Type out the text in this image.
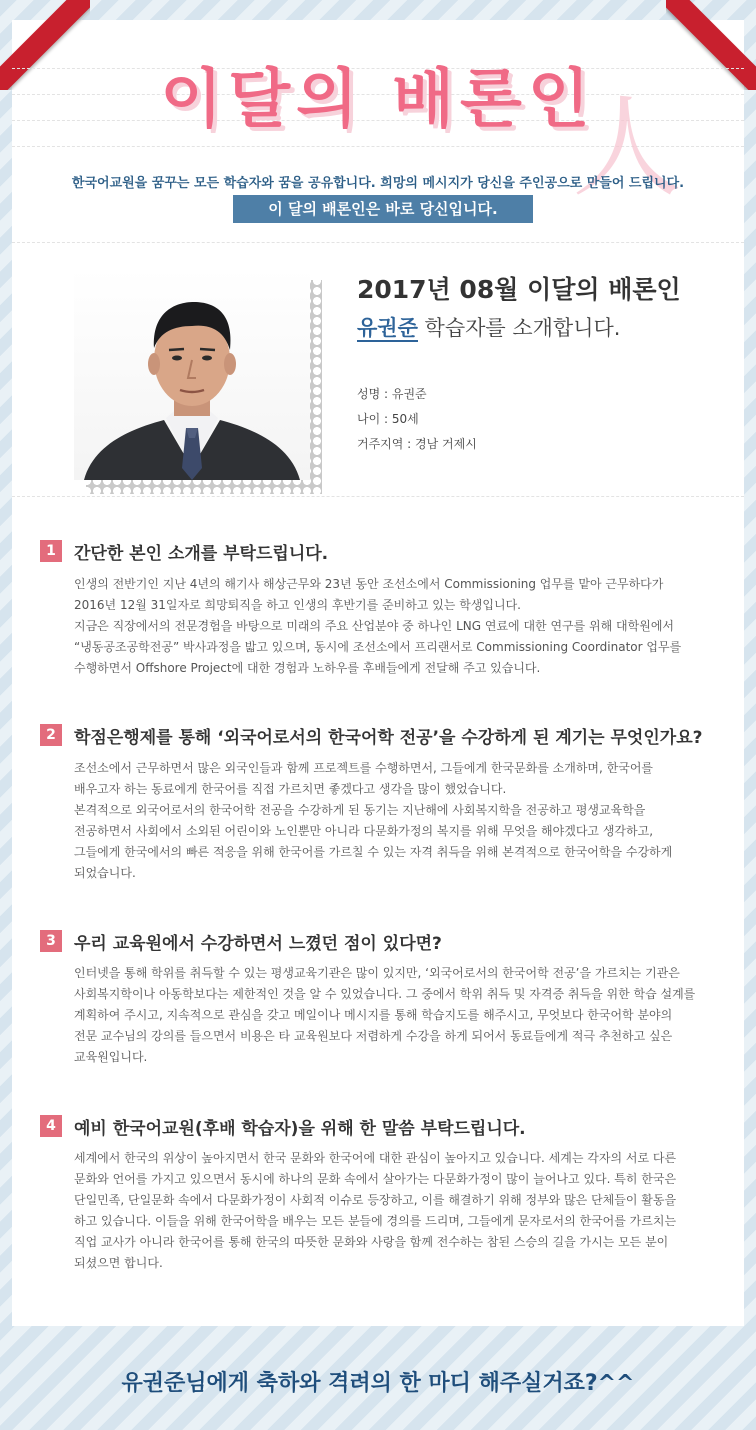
人
이달의 배론인
한국어교원을 꿈꾸는 모든 학습자와 꿈을 공유합니다. 희망의 메시지가 당신을 주인공으로 만들어 드립니다.
이 달의 배론인은 바로 당신입니다.
2017년 08월 이달의 배론인
유권준 학습자를 소개합니다.
성명 : 유권준
나이 : 50세
거주지역 : 경남 거제시
1	간단한 본인 소개를 부탁드립니다.

인생의 전반기인 지난 4년의 해기사 해상근무와 23년 동안 조선소에서 Commissioning 업무를 맡아 근무하다가

2016년 12월 31일자로 희망퇴직을 하고 인생의 후반기를 준비하고 있는 학생입니다.

지금은 직장에서의 전문경험을 바탕으로 미래의 주요 산업분야 중 하나인 LNG 연료에 대한 연구를 위해 대학원에서

“냉동공조공학전공” 박사과정을 밟고 있으며, 동시에 조선소에서 프리랜서로 Commissioning Coordinator 업무를

수행하면서 Offshore Project에 대한 경험과 노하우를 후배들에게 전달해 주고 있습니다.

2	학점은행제를 통해 ‘외국어로서의 한국어학 전공’을 수강하게 된 계기는 무엇인가요?

조선소에서 근무하면서 많은 외국인들과 함께 프로젝트를 수행하면서, 그들에게 한국문화를 소개하며, 한국어를

배우고자 하는 동료에게 한국어를 직접 가르치면 좋겠다고 생각을 많이 했었습니다.

본격적으로 외국어로서의 한국어학 전공을 수강하게 된 동기는 지난해에 사회복지학을 전공하고 평생교육학을

전공하면서 사회에서 소외된 어린이와 노인뿐만 아니라 다문화가정의 복지를 위해 무엇을 해야겠다고 생각하고,

그들에게 한국에서의 빠른 적응을 위해 한국어를 가르칠 수 있는 자격 취득을 위해 본격적으로 한국어학을 수강하게

되었습니다.

3	우리 교육원에서 수강하면서 느꼈던 점이 있다면?

인터넷을 통해 학위를 취득할 수 있는 평생교육기관은 많이 있지만, ‘외국어로서의 한국어학 전공’을 가르치는 기관은

사회복지학이나 아동학보다는 제한적인 것을 알 수 있었습니다. 그 중에서 학위 취득 및 자격증 취득을 위한 학습 설계를

계획하여 주시고, 지속적으로 관심을 갖고 메일이나 메시지를 통해 학습지도를 해주시고, 무엇보다 한국어학 분야의

전문 교수님의 강의를 들으면서 비용은 타 교육원보다 저렴하게 수강을 하게 되어서 동료들에게 적극 추천하고 싶은

교육원입니다.

4	예비 한국어교원(후배 학습자)을 위해 한 말씀 부탁드립니다.

세계에서 한국의 위상이 높아지면서 한국 문화와 한국어에 대한 관심이 높아지고 있습니다. 세계는 각자의 서로 다른

문화와 언어를 가지고 있으면서 동시에 하나의 문화 속에서 살아가는 다문화가정이 많이 늘어나고 있다. 특히 한국은

단일민족, 단일문화 속에서 다문화가정이 사회적 이슈로 등장하고, 이를 해결하기 위해 정부와 많은 단체들이 활동을

하고 있습니다. 이들을 위해 한국어학을 배우는 모든 분들에 경의를 드리며, 그들에게 문자로서의 한국어를 가르치는

직업 교사가 아니라 한국어를 통해 한국의 따뜻한 문화와 사랑을 함께 전수하는 참된 스승의 길을 가시는 모든 분이

되셨으면 합니다.

유권준님에게 축하와 격려의 한 마디 해주실거죠?^^
